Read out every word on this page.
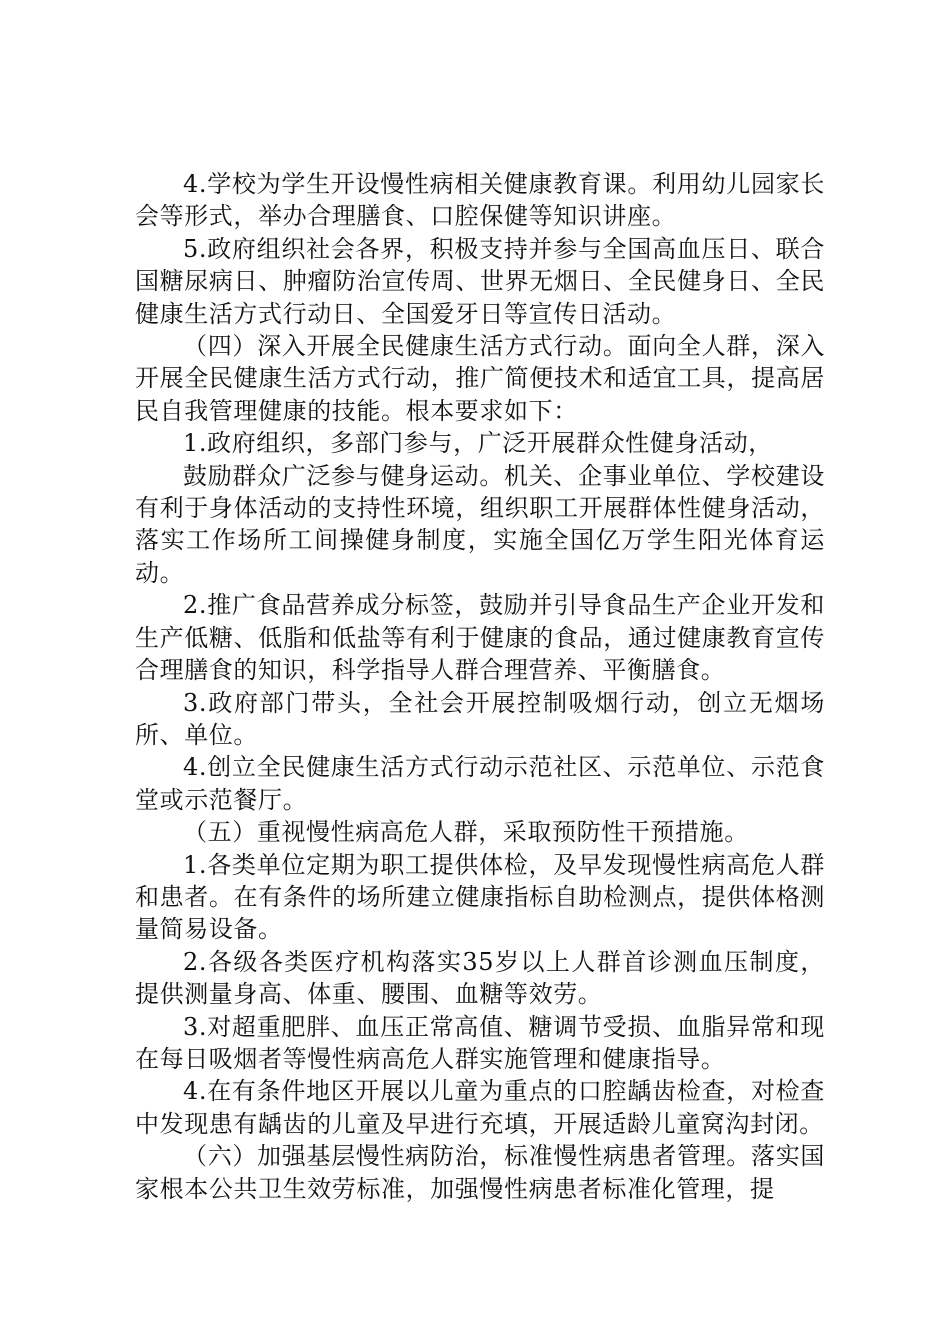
4.学校为学生开设慢性病相关健康教育课。利用幼儿园家长会等形式，举办合理膳食、口腔保健等知识讲座。

5.政府组织社会各界，积极支持并参与全国高血压日、联合国糖尿病日、肿瘤防治宣传周、世界无烟日、全民健身日、全民健康生活方式行动日、全国爱牙日等宣传日活动。

（四）深入开展全民健康生活方式行动。面向全人群，深入开展全民健康生活方式行动，推广简便技术和适宜工具，提高居民自我管理健康的技能。根本要求如下：

1.政府组织，多部门参与，广泛开展群众性健身活动，

鼓励群众广泛参与健身运动。机关、企事业单位、学校建设有利于身体活动的支持性环境，组织职工开展群体性健身活动，落实工作场所工间操健身制度，实施全国亿万学生阳光体育运动。

2.推广食品营养成分标签，鼓励并引导食品生产企业开发和生产低糖、低脂和低盐等有利于健康的食品，通过健康教育宣传合理膳食的知识，科学指导人群合理营养、平衡膳食。

3.政府部门带头，全社会开展控制吸烟行动，创立无烟场所、单位。

4.创立全民健康生活方式行动示范社区、示范单位、示范食堂或示范餐厅。

（五）重视慢性病高危人群，采取预防性干预措施。

1.各类单位定期为职工提供体检，及早发现慢性病高危人群和患者。在有条件的场所建立健康指标自助检测点，提供体格测量简易设备。

2.各级各类医疗机构落实35岁以上人群首诊测血压制度，提供测量身高、体重、腰围、血糖等效劳。

3.对超重肥胖、血压正常高值、糖调节受损、血脂异常和现在每日吸烟者等慢性病高危人群实施管理和健康指导。

4.在有条件地区开展以儿童为重点的口腔龋齿检查，对检查中发现患有龋齿的儿童及早进行充填，开展适龄儿童窝沟封闭。

（六）加强基层慢性病防治，标准慢性病患者管理。落实国家根本公共卫生效劳标准，加强慢性病患者标准化管理，提
